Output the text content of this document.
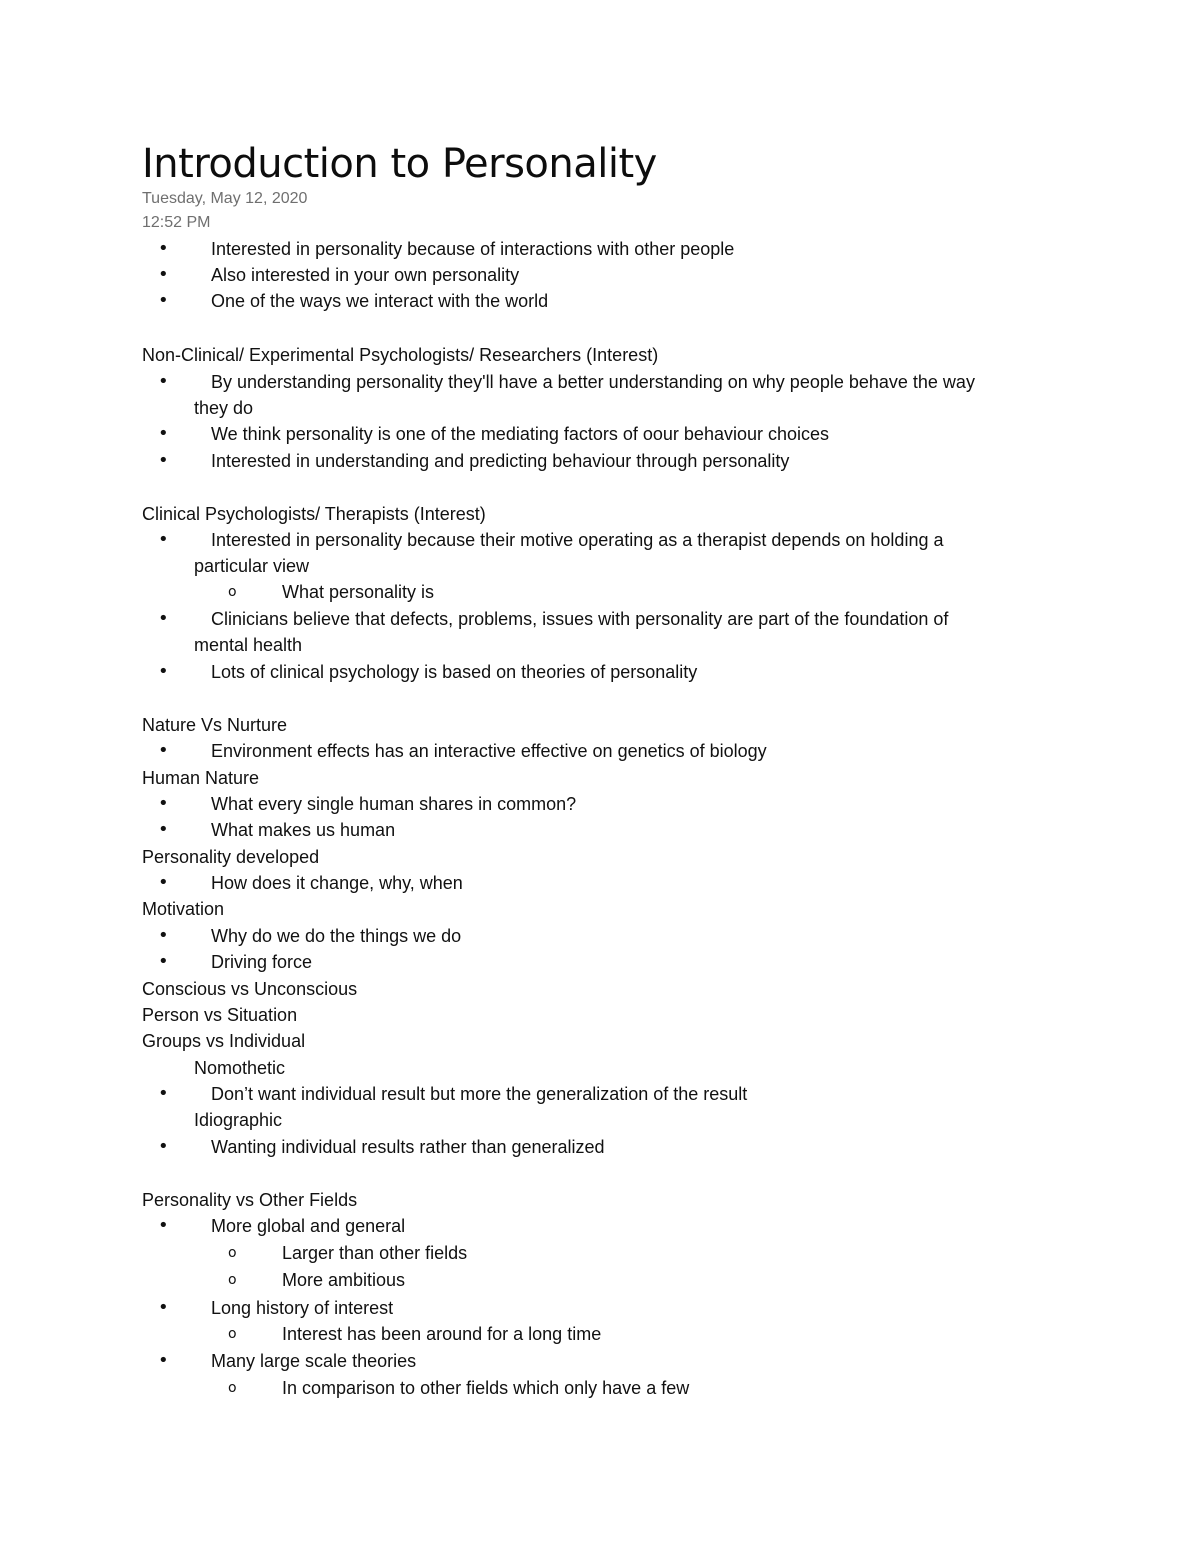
Introduction to Personality
Tuesday, May 12, 2020
12:52 PM
• Interested in personality because of interactions with other people
• Also interested in your own personality
• One of the ways we interact with the world
Non-Clinical/ Experimental Psychologists/ Researchers (Interest)
• By understanding personality they'll have a better understanding on why people behave the way
they do
• We think personality is one of the mediating factors of oour behaviour choices
• Interested in understanding and predicting behaviour through personality
Clinical Psychologists/ Therapists (Interest)
• Interested in personality because their motive operating as a therapist depends on holding a
particular view
o	What personality is
• Clinicians believe that defects, problems, issues with personality are part of the foundation of
mental health
• Lots of clinical psychology is based on theories of personality
Nature Vs Nurture
• Environment effects has an interactive effective on genetics of biology
Human Nature
• What every single human shares in common?
• What makes us human
Personality developed
• How does it change, why, when
Motivation
• Why do we do the things we do
• Driving force
Conscious vs Unconscious
Person vs Situation
Groups vs Individual
Nomothetic
• Don’t want individual result but more the generalization of the result
Idiographic
• Wanting individual results rather than generalized
Personality vs Other Fields
• More global and general
o	Larger than other fields
o	More ambitious
• Long history of interest
o	Interest has been around for a long time
• Many large scale theories
o	In comparison to other fields which only have a few
